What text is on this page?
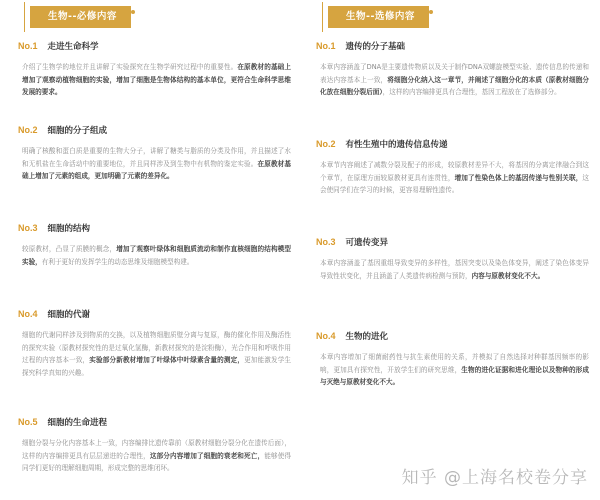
生物--必修内容
No.1 走进生命科学

介绍了生物学的地位并且讲解了实验探究在生物学研究过程中的重要性。在原教材的基础上增加了观察动植物细胞的实验，增加了细胞是生物体结构的基本单位，更符合生命科学思维发展的要求。

No.2 细胞的分子组成

明确了核酸和蛋白质是重要的生物大分子，讲解了糖类与脂质的分类及作用，并且描述了水和无机盐在生命活动中的重要地位，并且同样涉及到生物中有机物的鉴定实验。在原教材基础上增加了元素的组成，更加明确了元素的差异化。

No.3 细胞的结构

较原教材，凸显了质膜的概念，增加了观察叶绿体和细胞质流动和制作直核细胞的结构模型实验，有利于更好的发挥学生的动态思维及细胞模型构建。

No.4 细胞的代谢

细胞的代谢同样涉及到物质的交换，以及植物细胞质壁分离与复原，酶的催化作用及酶活性的探究实验（原教材探究性的是过氧化氢酶，新教材探究的是淀粉酶），光合作用和呼吸作用过程的内容基本一致，实验部分新教材增加了叶绿体中叶绿素含量的测定，更加能激发学生探究科学真知的兴趣。

No.5 细胞的生命进程

细胞分裂与分化内容基本上一致，内容编排比遗传靠前（原教材细胞分裂分化在遗传后面），这样的内容编排更具有层层递进的合理性，这部分内容增加了细胞的衰老和死亡，能够使得同学们更好的理解细胞周期，形成完整的思维闭环。

生物--选修内容
No.1 遗传的分子基础

本章内容涵盖了DNA是主要遗传物质以及关于制作DNA双螺旋模型实验、遗传信息的传递和表达内容基本上一致，将细胞分化纳入这一章节，并阐述了细胞分化的本质（原教材细胞分化放在细胞分裂后面），这样的内容编排更具有合理性，基因工程放在了选修部分。

No.2 有性生殖中的遗传信息传递

本章节内容阐述了减数分裂及配子的形成，较原教材差异不大，将基因的分离定律融合到这个章节，在原理方面较原教材更具有连贯性，增加了性染色体上的基因传递与性别关联，这会使同学们在学习的时候，更容易理解性遗传。

No.3 可遗传变异

本章内容涵盖了基因重组导致变异的多样性，基因突变以及染色体变异，阐述了染色体变异导致性状变化，并且涵盖了人类遗传病检测与预防，内容与原教材变化不大。

No.4 生物的进化

本章内容增加了细菌耐药性与抗生素使用的关系，并模拟了自然选择对种群基因频率的影响，更加具有探究性，开放学生们的研究思维，生物的进化证据和进化理论以及物种的形成与灭绝与原教材变化不大。

知乎 @上海名校卷分享
